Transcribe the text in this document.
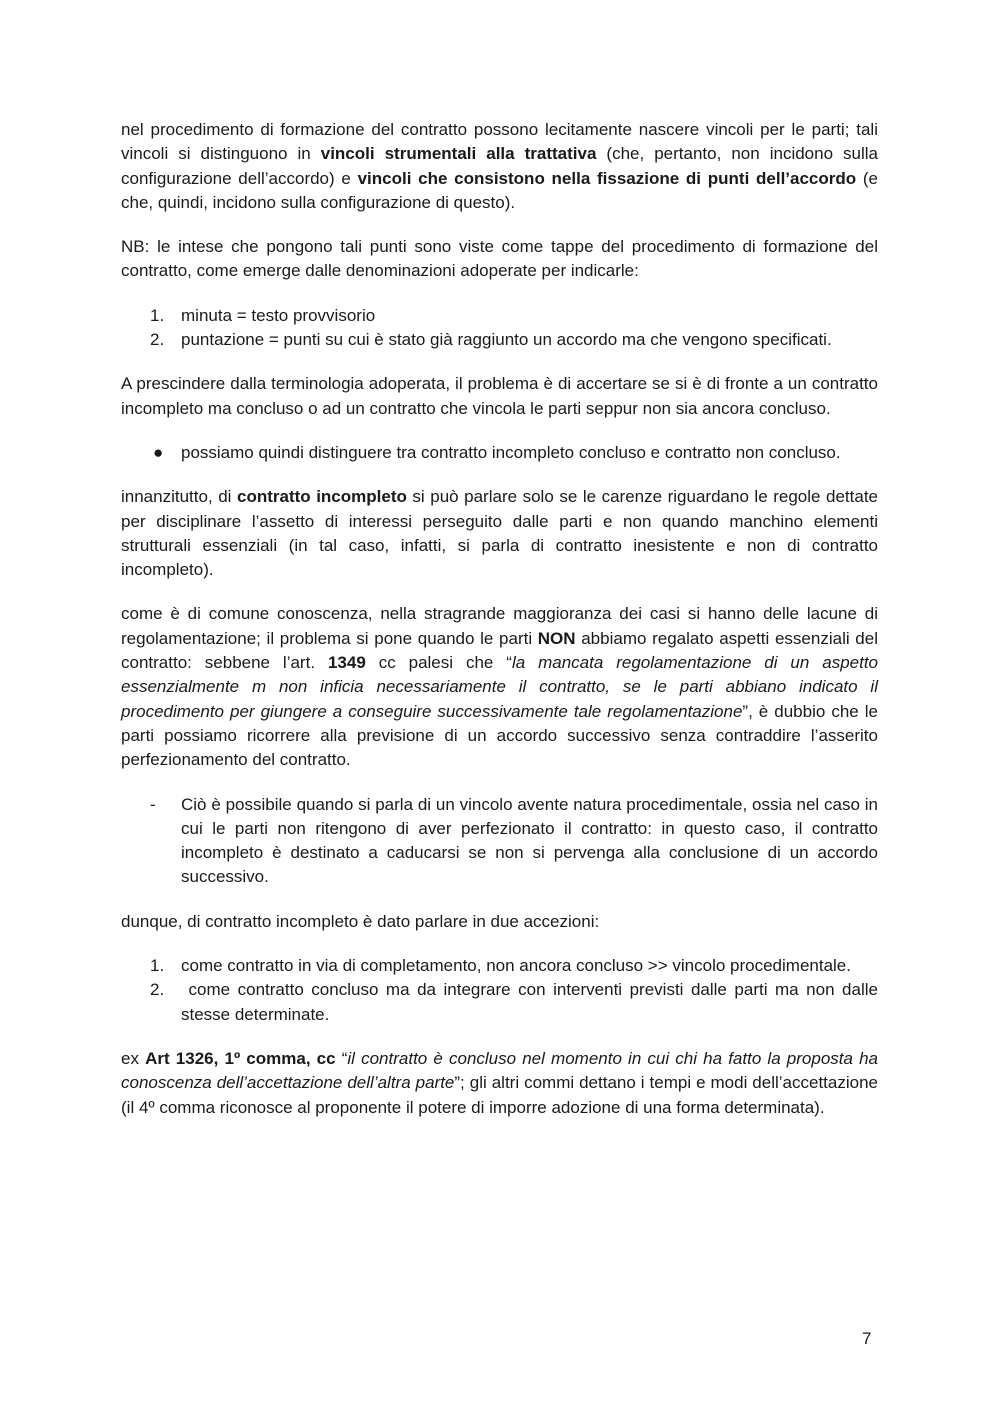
nel procedimento di formazione del contratto possono lecitamente nascere vincoli per le parti; tali vincoli si distinguono in vincoli strumentali alla trattativa (che, pertanto, non incidono sulla configurazione dell’accordo) e vincoli che consistono nella fissazione di punti dell’accordo (e che, quindi, incidono sulla configurazione di questo).

NB: le intese che pongono tali punti sono viste come tappe del procedimento di formazione del contratto, come emerge dalle denominazioni adoperate per indicarle:

1. minuta = testo provvisorio
2. puntazione = punti su cui è stato già raggiunto un accordo ma che vengono specificati.

A prescindere dalla terminologia adoperata, il problema è di accertare se si è di fronte a un contratto incompleto ma concluso o ad un contratto che vincola le parti seppur non sia ancora concluso.

● possiamo quindi distinguere tra contratto incompleto concluso e contratto non concluso.

innanzitutto, di contratto incompleto si può parlare solo se le carenze riguardano le regole dettate per disciplinare l’assetto di interessi perseguito dalle parti e non quando manchino elementi strutturali essenziali (in tal caso, infatti, si parla di contratto inesistente e non di contratto incompleto).

come è di comune conoscenza, nella stragrande maggioranza dei casi si hanno delle lacune di regolamentazione; il problema si pone quando le parti NON abbiamo regalato aspetti essenziali del contratto: sebbene l’art. 1349 cc palesi che “la mancata regolamentazione di un aspetto essenzialmente m non inficia necessariamente il contratto, se le parti abbiano indicato il procedimento per giungere a conseguire successivamente tale regolamentazione”, è dubbio che le parti possiamo ricorrere alla previsione di un accordo successivo senza contraddire l’asserito perfezionamento del contratto.

- Ciò è possibile quando si parla di un vincolo avente natura procedimentale, ossia nel caso in cui le parti non ritengono di aver perfezionato il contratto: in questo caso, il contratto incompleto è destinato a caducarsi se non si pervenga alla conclusione di un accordo successivo.

dunque, di contratto incompleto è dato parlare in due accezioni:

1. come contratto in via di completamento, non ancora concluso >> vincolo procedimentale.
2. come contratto concluso ma da integrare con interventi previsti dalle parti ma non dalle stesse determinate.

ex Art 1326, 1º comma, cc “il contratto è concluso nel momento in cui chi ha fatto la proposta ha conoscenza dell’accettazione dell’altra parte”; gli altri commi dettano i tempi e modi dell’accettazione (il 4º comma riconosce al proponente il potere di imporre adozione di una forma determinata).

7
